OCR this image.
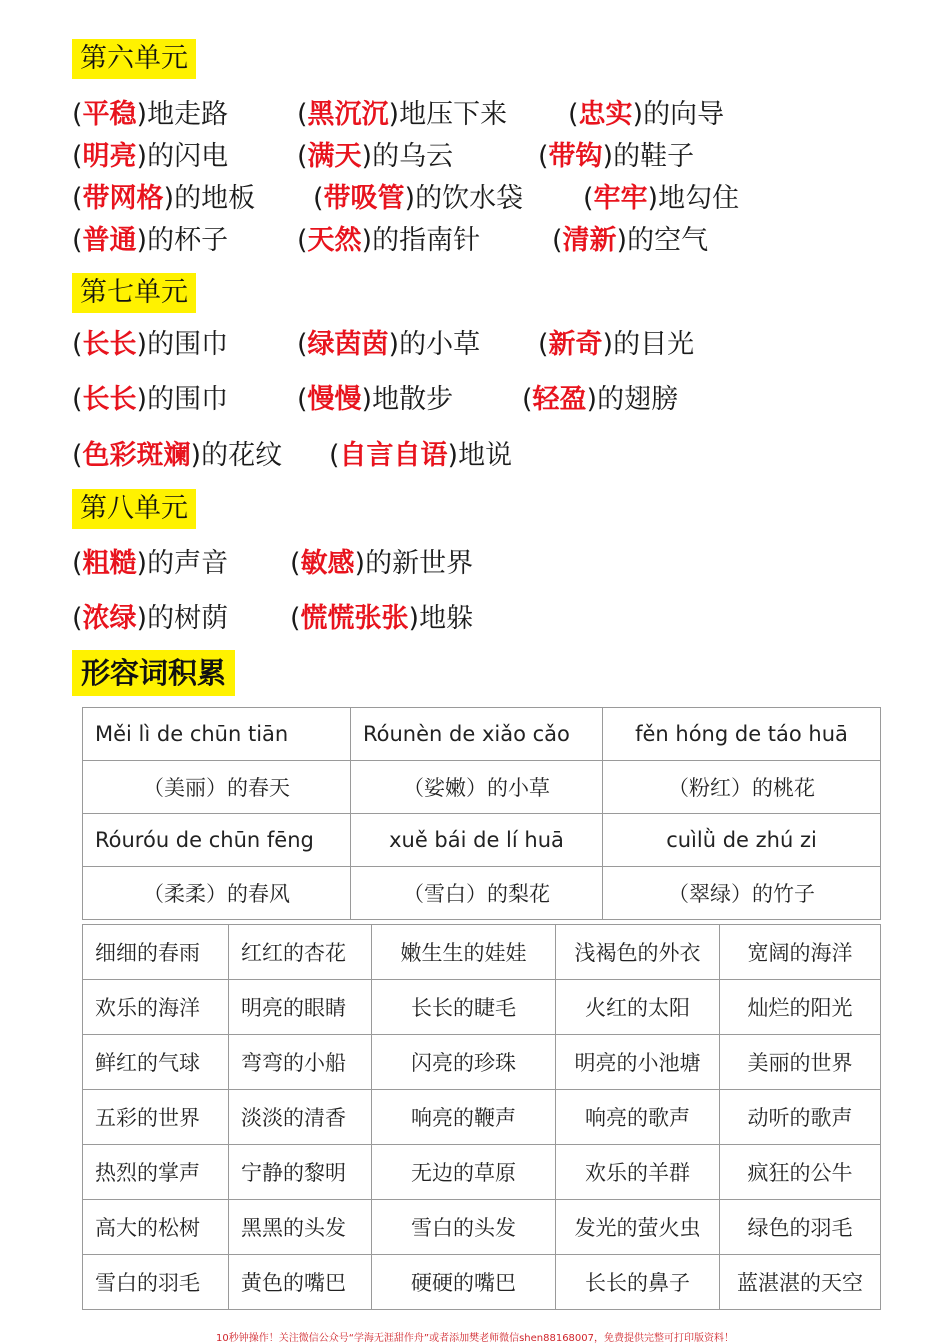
第六单元
(平稳)地走路	(黑沉沉)地压下来 (忠实)的向导
(明亮)的闪电	(满天)的乌云	(带钩)的鞋子
(带网格)的地板 (带吸管)的饮水袋 (牢牢)地勾住
(普通)的杯子	(天然)的指南针	(清新)的空气
第七单元
(长长)的围巾	(绿茵茵)的小草 (新奇)的目光
(长长)的围巾	(慢慢)地散步	(轻盈)的翅膀
(色彩斑斓)的花纹 (自言自语)地说
第八单元
(粗糙)的声音 (敏感)的新世界
(浓绿)的树荫 (慌慌张张)地躲
形容词积累
Měi lì de chūn tiān	Róunèn de xiǎo cǎo	fěn hóng de táo huā
（美丽）的春天	（娑嫩）的小草	（粉红）的桃花
Róuróu de chūn fēng	xuě bái de lí huā	cuìlǜ de zhú zi
（柔柔）的春风	（雪白）的梨花	（翠绿）的竹子
细细的春雨	红红的杏花	嫩生生的娃娃	浅褐色的外衣	宽阔的海洋
欢乐的海洋	明亮的眼睛	长长的睫毛	火红的太阳	灿烂的阳光
鲜红的气球	弯弯的小船	闪亮的珍珠	明亮的小池塘	美丽的世界
五彩的世界	淡淡的清香	响亮的鞭声	响亮的歌声	动听的歌声
热烈的掌声	宁静的黎明	无边的草原	欢乐的羊群	疯狂的公牛
高大的松树	黑黑的头发	雪白的头发	发光的萤火虫	绿色的羽毛
雪白的羽毛	黄色的嘴巴	硬硬的嘴巴	长长的鼻子	蓝湛湛的天空
10秒钟操作！关注微信公众号“学海无涯甜作舟”或者添加樊老师微信shen88168007，免费提供完整可打印版资料！
